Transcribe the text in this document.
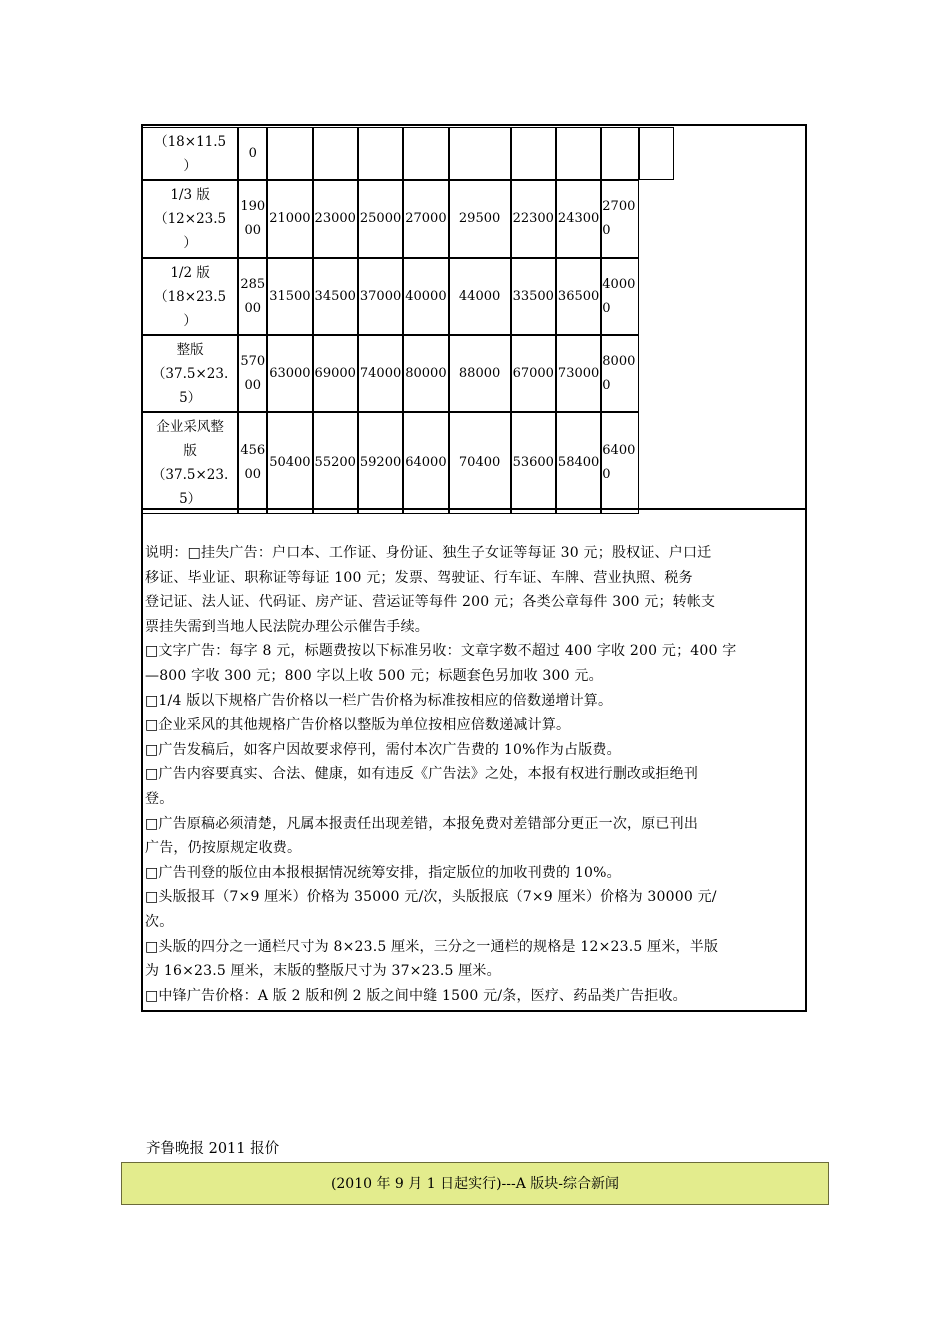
（18×11.5
）	0									

1/3 版
（12×23.5
）	19000	21000	23000	25000	27000	29500	22300	24300	27000	

1/2 版
（18×23.5
）	28500	31500	34500	37000	40000	44000	33500	36500	40000	

整版
（37.5×23.
5）	57000	63000	69000	74000	80000	88000	67000	73000	80000	

企业采风整
版
（37.5×23.
5）	45600	50400	55200	59200	64000	70400	53600	58400	64000	
说明：□挂失广告：户口本、工作证、身份证、独生子女证等每证 30 元；股权证、户口迁
移证、毕业证、职称证等每证 100 元；发票、驾驶证、行车证、车牌、营业执照、税务
登记证、法人证、代码证、房产证、营运证等每件 200 元；各类公章每件 300 元；转帐支
票挂失需到当地人民法院办理公示催告手续。
□文字广告：每字 8 元，标题费按以下标准另收：文章字数不超过 400 字收 200 元；400 字
—800 字收 300 元；800 字以上收 500 元；标题套色另加收 300 元。
□1/4 版以下规格广告价格以一栏广告价格为标准按相应的倍数递增计算。
□企业采风的其他规格广告价格以整版为单位按相应倍数递减计算。
□广告发稿后，如客户因故要求停刊，需付本次广告费的 10%作为占版费。
□广告内容要真实、合法、健康，如有违反《广告法》之处，本报有权进行删改或拒绝刊
登。
□广告原稿必须清楚，凡属本报责任出现差错，本报免费对差错部分更正一次，原已刊出
广告，仍按原规定收费。
□广告刊登的版位由本报根据情况统筹安排，指定版位的加收刊费的 10%。
□头版报耳（7×9 厘米）价格为 35000 元/次，头版报底（7×9 厘米）价格为 30000 元/
次。
□头版的四分之一通栏尺寸为 8×23.5 厘米，三分之一通栏的规格是 12×23.5 厘米，半版
为 16×23.5 厘米，末版的整版尺寸为 37×23.5 厘米。
□中锋广告价格：A 版 2 版和例 2 版之间中缝 1500 元/条，医疗、药品类广告拒收。
齐鲁晚报 2011 报价
(2010 年 9 月 1 日起实行)---A 版块-综合新闻
